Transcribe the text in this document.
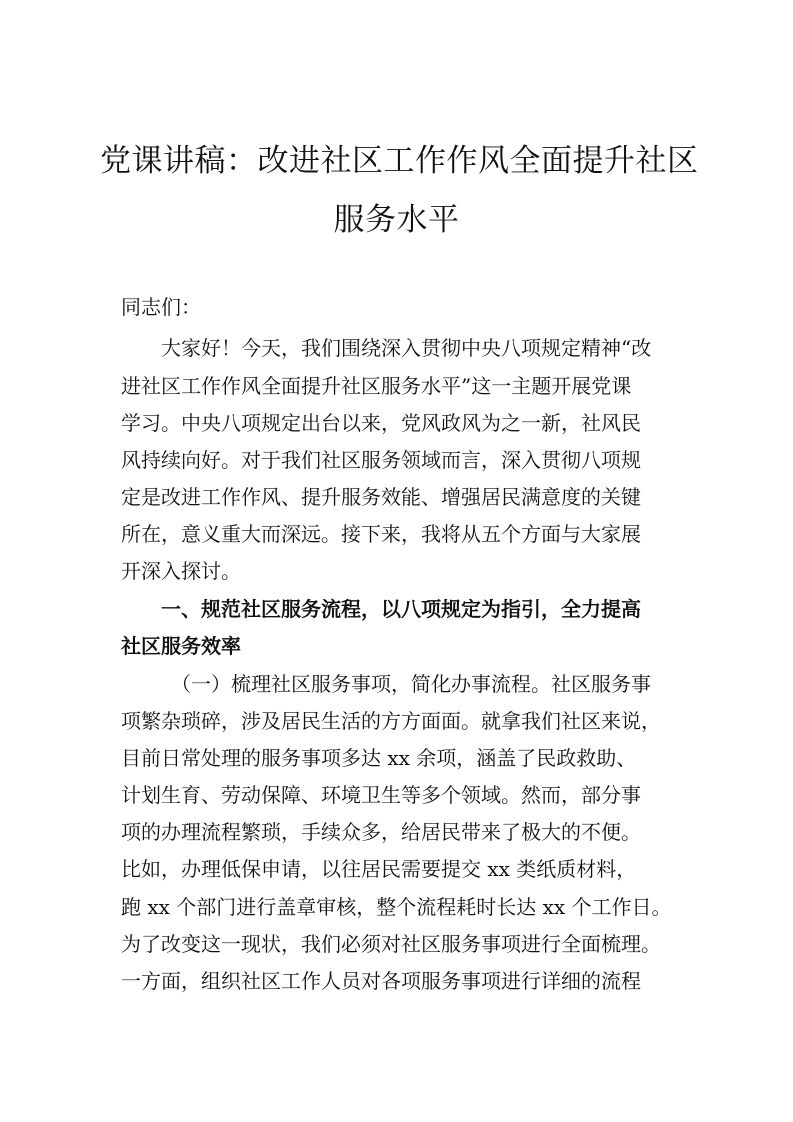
党课讲稿：改进社区工作作风全面提升社区
服务水平

同志们：

大家好！今天，我们围绕深入贯彻中央八项规定精神“改

进社区工作作风全面提升社区服务水平”这一主题开展党课

学习。中央八项规定出台以来，党风政风为之一新，社风民

风持续向好。对于我们社区服务领域而言，深入贯彻八项规

定是改进工作作风、提升服务效能、增强居民满意度的关键

所在，意义重大而深远。接下来，我将从五个方面与大家展

开深入探讨。

一、规范社区服务流程，以八项规定为指引，全力提高

社区服务效率

（一）梳理社区服务事项，简化办事流程。社区服务事

项繁杂琐碎，涉及居民生活的方方面面。就拿我们社区来说，

目前日常处理的服务事项多达 xx 余项，涵盖了民政救助、

计划生育、劳动保障、环境卫生等多个领域。然而，部分事

项的办理流程繁琐，手续众多，给居民带来了极大的不便。

比如，办理低保申请，以往居民需要提交 xx 类纸质材料，

跑 xx 个部门进行盖章审核，整个流程耗时长达 xx 个工作日。

为了改变这一现状，我们必须对社区服务事项进行全面梳理。

一方面，组织社区工作人员对各项服务事项进行详细的流程
